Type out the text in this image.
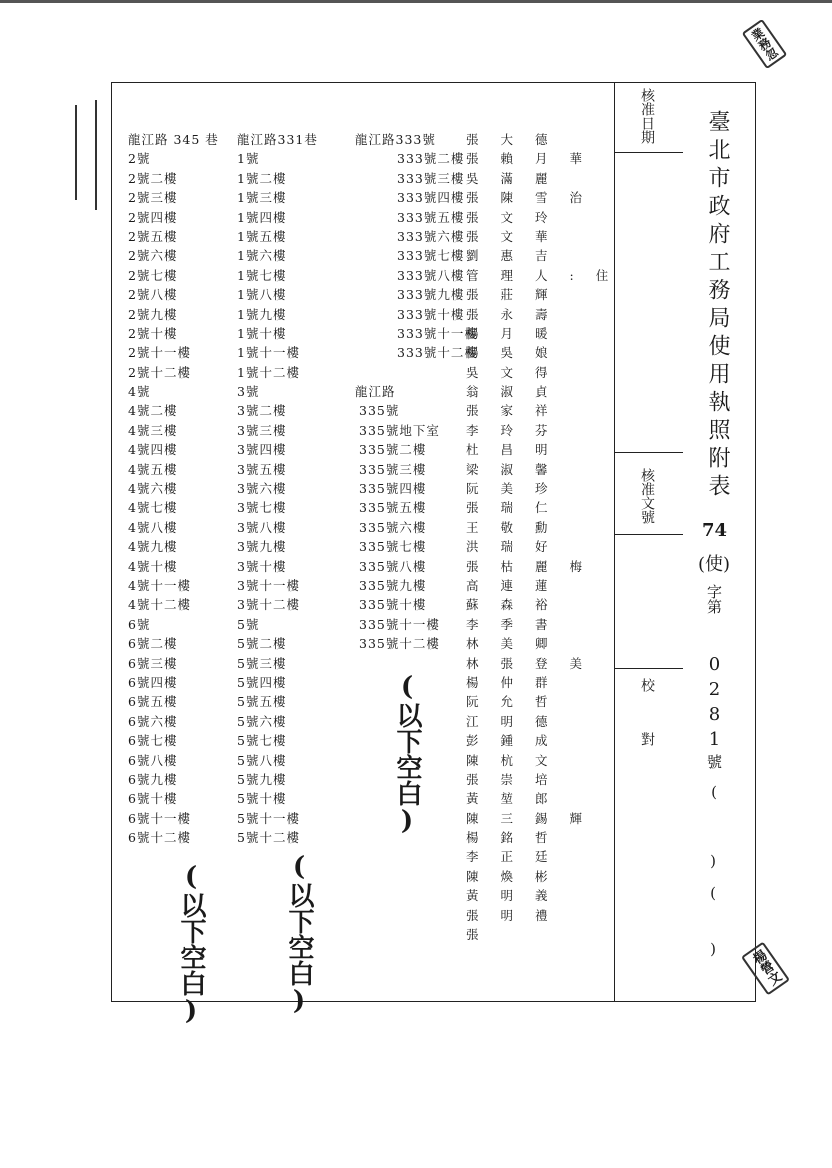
核准日期
核准文號
校對
臺北市政府工務局使用執照附表
74
(使)
字第
0281
號(
)(
)
業務忽
楊營文
龍江路 345 巷
2號
2號二樓
2號三樓
2號四樓
2號五樓
2號六樓
2號七樓
2號八樓
2號九樓
2號十樓
2號十一樓
2號十二樓
4號
4號二樓
4號三樓
4號四樓
4號五樓
4號六樓
4號七樓
4號八樓
4號九樓
4號十樓
4號十一樓
4號十二樓
6號
6號二樓
6號三樓
6號四樓
6號五樓
6號六樓
6號七樓
6號八樓
6號九樓
6號十樓
6號十一樓
6號十二樓
(以下空白)
龍江路331巷
1號
1號二樓
1號三樓
1號四樓
1號五樓
1號六樓
1號七樓
1號八樓
1號九樓
1號十樓
1號十一樓
1號十二樓
3號
3號二樓
3號三樓
3號四樓
3號五樓
3號六樓
3號七樓
3號八樓
3號九樓
3號十樓
3號十一樓
3號十二樓
5號
5號二樓
5號三樓
5號四樓
5號五樓
5號六樓
5號七樓
5號八樓
5號九樓
5號十樓
5號十一樓
5號十二樓
(以下空白)
龍江路333號
333號二樓
333號三樓
333號四樓
333號五樓
333號六樓
333號七樓
333號八樓
333號九樓
333號十樓
333號十一樓
333號十二樓
龍江路
335號
335號地下室
335號二樓
335號三樓
335號四樓
335號五樓
335號六樓
335號七樓
335號八樓
335號九樓
335號十樓
335號十一樓
335號十二樓
(以下空白)
張大德
張賴月華
吳滿麗
張陳雪治
張文玲
張文華
劉惠吉
管理人:住
張莊輝
張永壽
楊月暖
楊吳娘
吳文得
翁淑貞
張家祥
李玲芬
杜昌明
梁淑馨
阮美珍
張瑞仁
王敬勳
洪瑞好
張枯麗梅
高連蓮
蘇森裕
李季書
林美卿
林張登美
楊仲群
阮允哲
江明德
彭鍾成
陳杭文
張崇培
黃堃郎
陳三錫輝
楊銘哲
李正廷
陳煥彬
黃明義
張明禮
張
